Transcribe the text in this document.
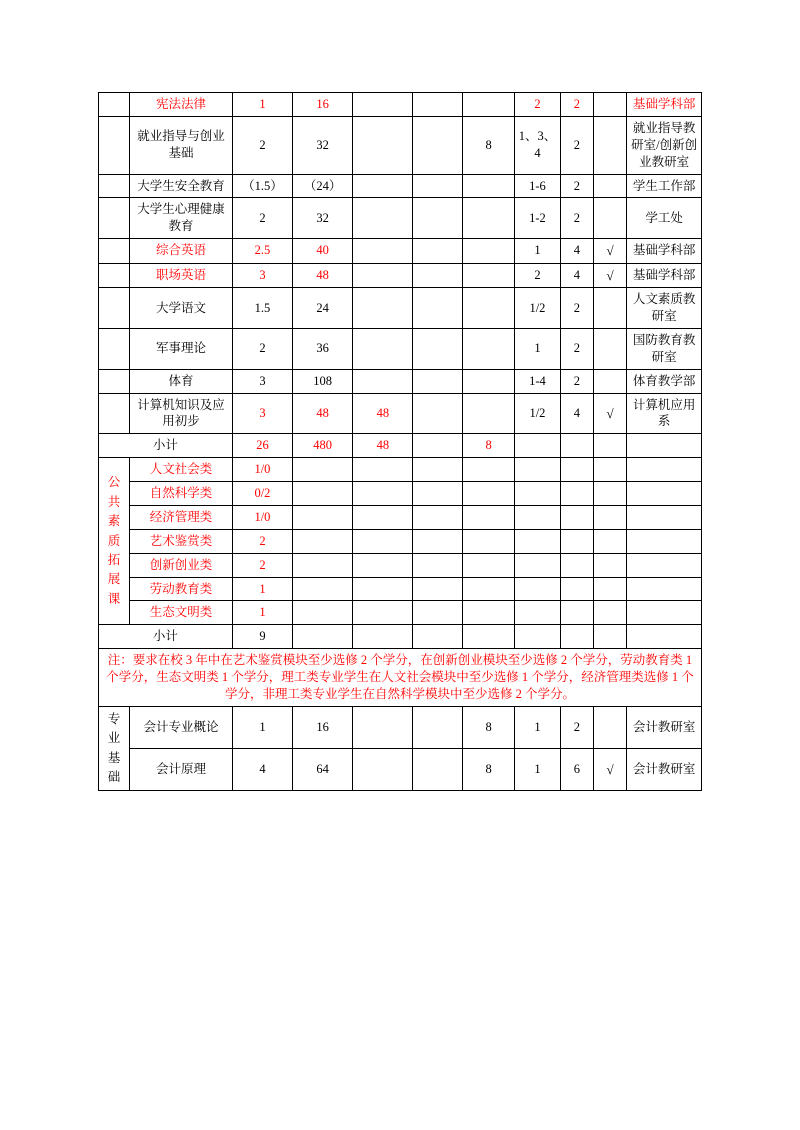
	宪法法律	1	16				2	2		基础学科部
	就业指导与创业基础	2	32			8	1、3、4	2		就业指导教研室/创新创业教研室
	大学生安全教育	（1.5）	（24）				1-6	2		学生工作部
	大学生心理健康教育	2	32				1-2	2		学工处
	综合英语	2.5	40				1	4	√	基础学科部
	职场英语	3	48				2	4	√	基础学科部
	大学语文	1.5	24				1/2	2		人文素质教研室
	军事理论	2	36				1	2		国防教育教研室
	体育	3	108				1-4	2		体育教学部
	计算机知识及应用初步	3	48	48			1/2	4	√	计算机应用系
小计		26	480	48		8				

公共素质拓展课	人文社会类	1/0								
	自然科学类	0/2								
	经济管理类	1/0								
	艺术鉴赏类	2								
	创新创业类	2								
	劳动教育类	1								
	生态文明类	1								
小计		9								
注：要求在校 3 年中在艺术鉴赏模块至少选修 2 个学分，在创新创业模块至少选修 2 个学分，劳动教育类 1 个学分，生态文明类 1 个学分，理工类专业学生在人文社会模块中至少选修 1 个学分，经济管理类选修 1 个学分，非理工类专业学生在自然科学模块中至少选修 2 个学分。										

专业基础	会计专业概论	1	16			8	1	2		会计教研室
	会计原理	4	64			8	1	6	√	会计教研室
